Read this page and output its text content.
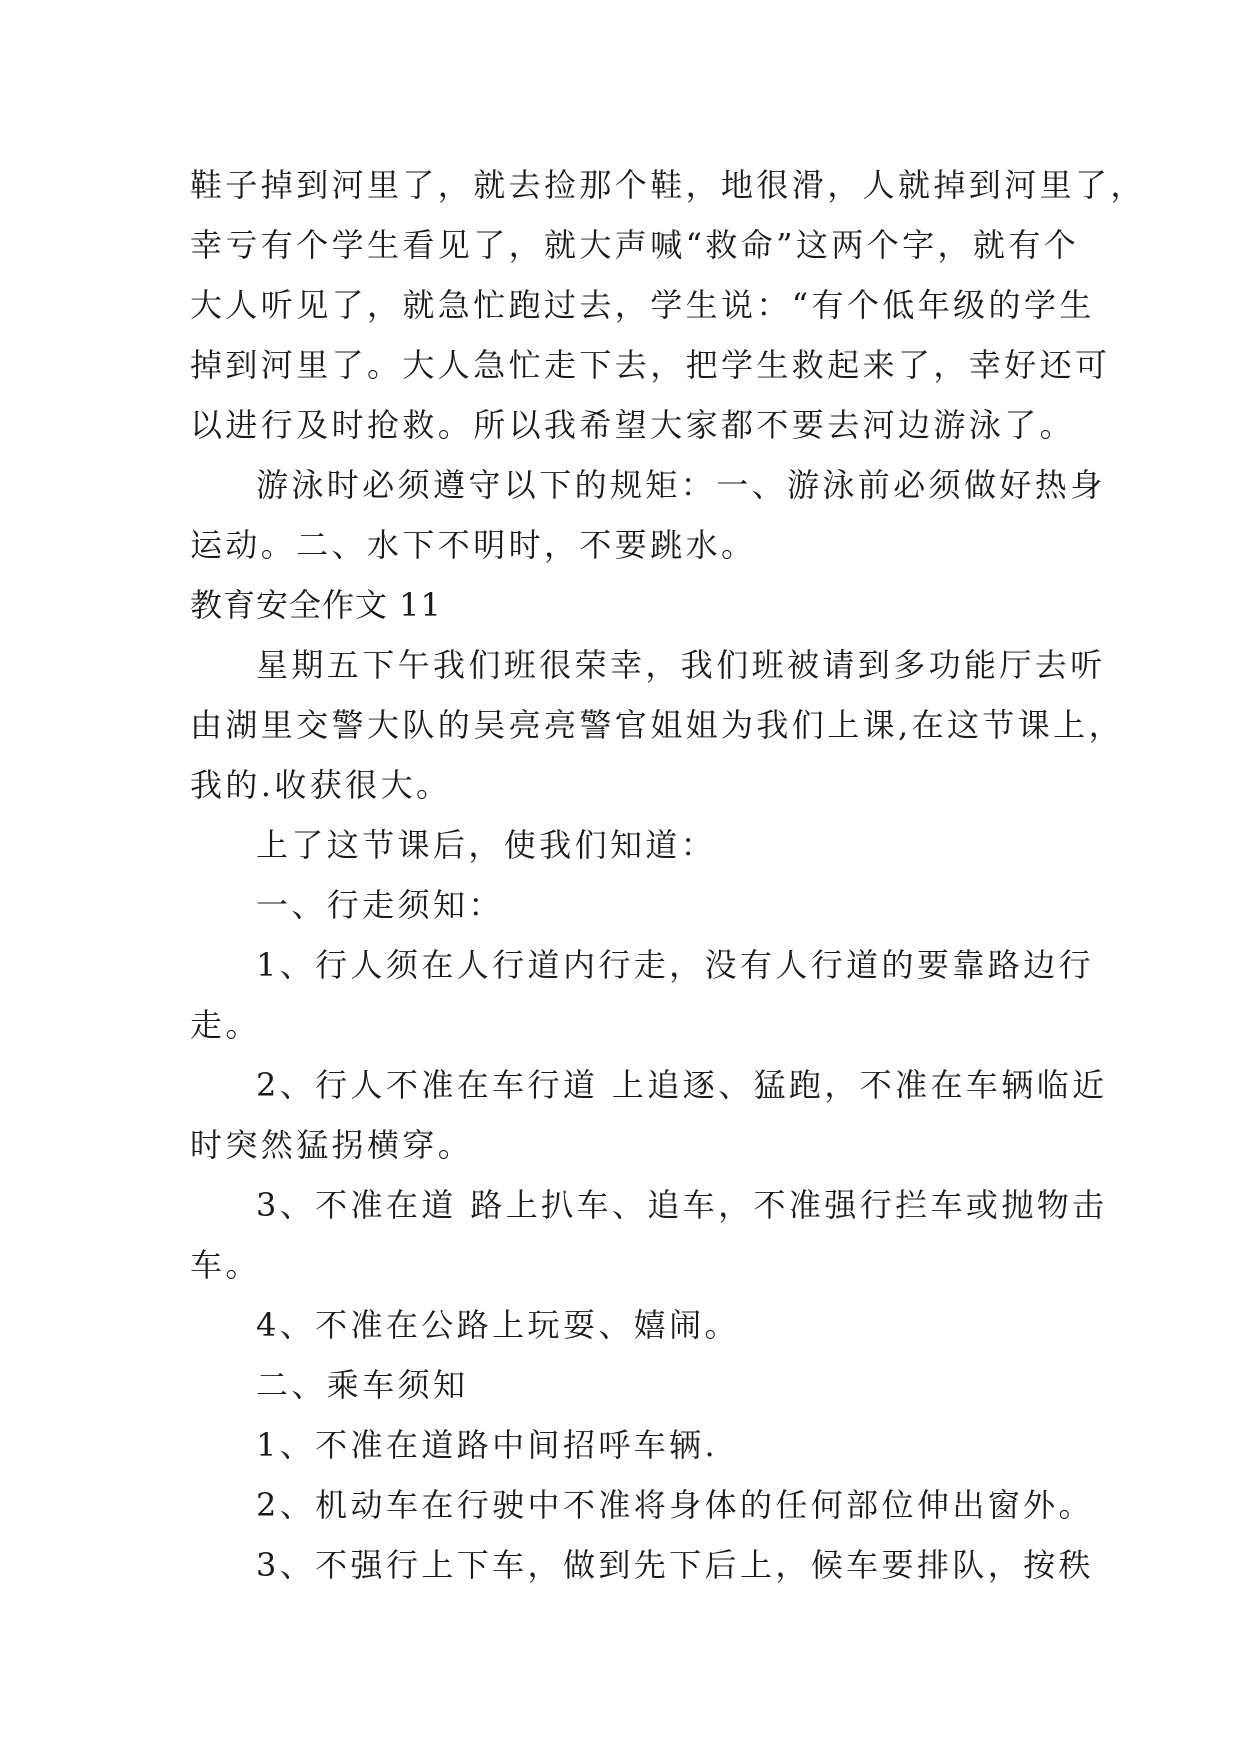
鞋子掉到河里了，就去捡那个鞋，地很滑，人就掉到河里了，
幸亏有个学生看见了，就大声喊“救命”这两个字，就有个
大人听见了，就急忙跑过去，学生说：“有个低年级的学生
掉到河里了。大人急忙走下去，把学生救起来了，幸好还可
以进行及时抢救。所以我希望大家都不要去河边游泳了。
游泳时必须遵守以下的规矩：一、游泳前必须做好热身
运动。二、水下不明时，不要跳水。
教育安全作文 11
星期五下午我们班很荣幸，我们班被请到多功能厅去听
由湖里交警大队的吴亮亮警官姐姐为我们上课,在这节课上，
我的.收获很大。
上了这节课后，使我们知道：
一、行走须知：
1、行人须在人行道内行走，没有人行道的要靠路边行
走。
2、行人不准在车行道 上追逐、猛跑，不准在车辆临近
时突然猛拐横穿。
3、不准在道 路上扒车、追车，不准强行拦车或抛物击
车。
4、不准在公路上玩耍、嬉闹。
二、乘车须知
1、不准在道路中间招呼车辆.
2、机动车在行驶中不准将身体的任何部位伸出窗外。
3、不强行上下车，做到先下后上，候车要排队，按秩
